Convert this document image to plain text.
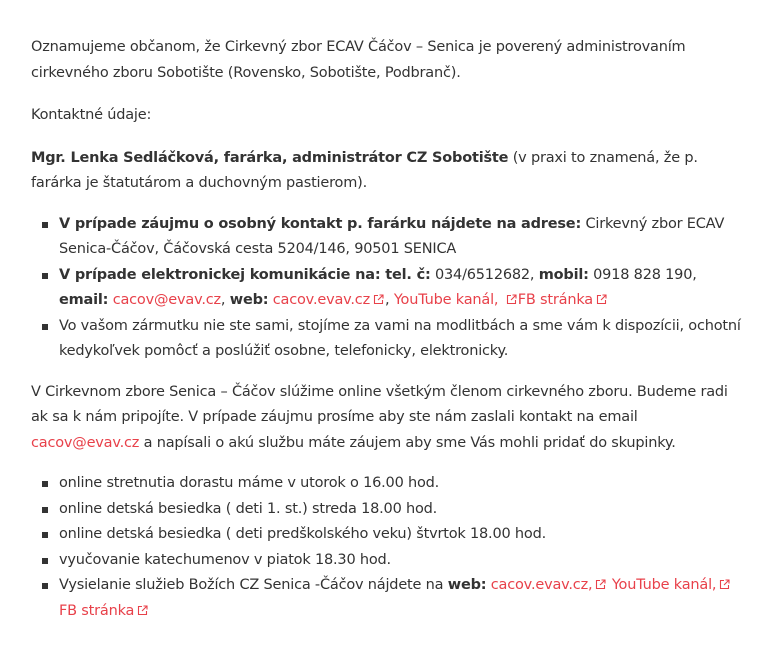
Oznamujeme občanom, že Cirkevný zbor ECAV Čáčov – Senica je poverený administrovaním cirkevného zboru Sobotište (Rovensko, Sobotište, Podbranč).

Kontaktné údaje:

Mgr. Lenka Sedláčková, farárka, administrátor CZ Sobotište (v praxi to znamená, že p. farárka je štatutárom a duchovným pastierom).

V prípade záujmu o osobný kontakt p. farárku nájdete na adrese: Cirkevný zbor ECAV Senica-Čáčov, Čáčovská cesta 5204/146, 90501 SENICA
V prípade elektronickej komunikácie na: tel. č: 034/6512682, mobil: 0918 828 190,
email: cacov@evav.cz, web: cacov.evav.cz , YouTube kanál, FB stránka
Vo vašom zármutku nie ste sami, stojíme za vami na modlitbách a sme vám k dispozícii, ochotní kedykoľvek pomôcť a poslúžiť osobne, telefonicky, elektronicky.

V Cirkevnom zbore Senica – Čáčov slúžime online všetkým členom cirkevného zboru. Budeme radi ak sa k nám pripojíte. V prípade záujmu prosíme aby ste nám zaslali kontakt na email cacov@evav.cz a napísali o akú službu máte záujem aby sme Vás mohli pridať do skupinky.

online stretnutia dorastu máme v utorok o 16.00 hod.
online detská besiedka ( deti 1. st.) streda 18.00 hod.
online detská besiedka ( deti predškolského veku) štvrtok 18.00 hod.
vyučovanie katechumenov v piatok 18.30 hod.
Vysielanie služieb Božích CZ Senica -Čáčov nájdete na web: cacov.evav.cz, YouTube kanál,
FB stránka
